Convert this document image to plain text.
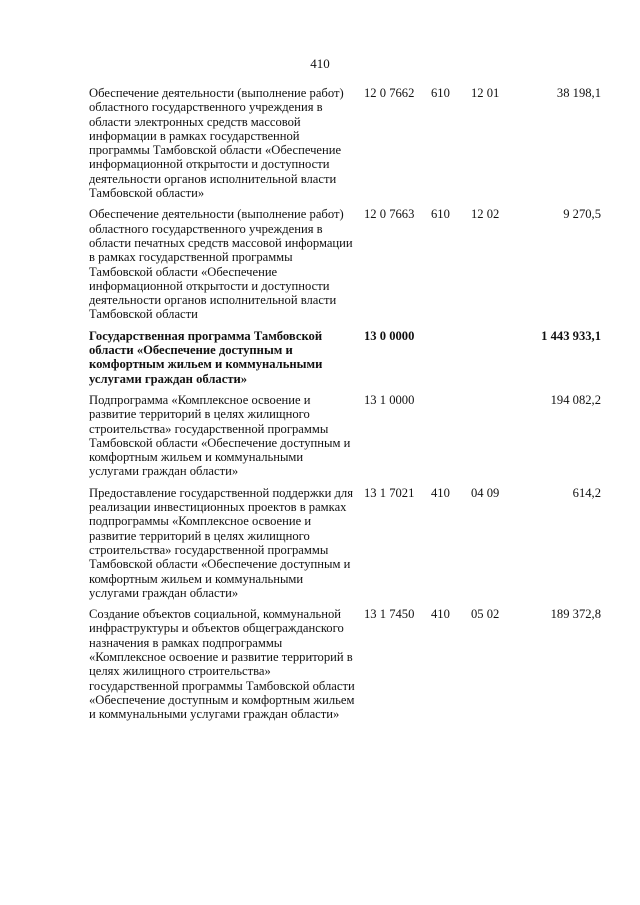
410
Обеспечение деятельности (выполнение работ) областного государственного учреждения в области электронных средств массовой информации в рамках государственной программы Тамбовской области «Обеспечение информационной открытости и доступности деятельности органов исполнительной власти Тамбовской области»	12 0 7662	610	12 01	38 198,1
Обеспечение деятельности (выполнение работ) областного государственного учреждения в области печатных средств массовой информации в рамках государственной программы Тамбовской области «Обеспечение информационной открытости и доступности деятельности органов исполнительной власти Тамбовской области	12 0 7663	610	12 02	9 270,5
Государственная программа Тамбовской области «Обеспечение доступным и комфортным жильем и коммунальными услугами граждан области»	13 0 0000			1 443 933,1
Подпрограмма «Комплексное освоение и развитие территорий в целях жилищного строительства» государственной программы Тамбовской области «Обеспечение доступным и комфортным жильем и коммунальными услугами граждан области»	13 1 0000			194 082,2
Предоставление государственной поддержки для реализации инвестиционных проектов в рамках подпрограммы «Комплексное освоение и развитие территорий в целях жилищного строительства» государственной программы Тамбовской области «Обеспечение доступным и комфортным жильем и коммунальными услугами граждан области»	13 1 7021	410	04 09	614,2
Создание объектов социальной, коммунальной инфраструктуры и объектов общегражданского назначения в рамках подпрограммы «Комплексное освоение и развитие территорий в целях жилищного строительства» государственной программы Тамбовской области «Обеспечение доступным и комфортным жильем и коммунальными услугами граждан области»	13 1 7450	410	05 02	189 372,8
